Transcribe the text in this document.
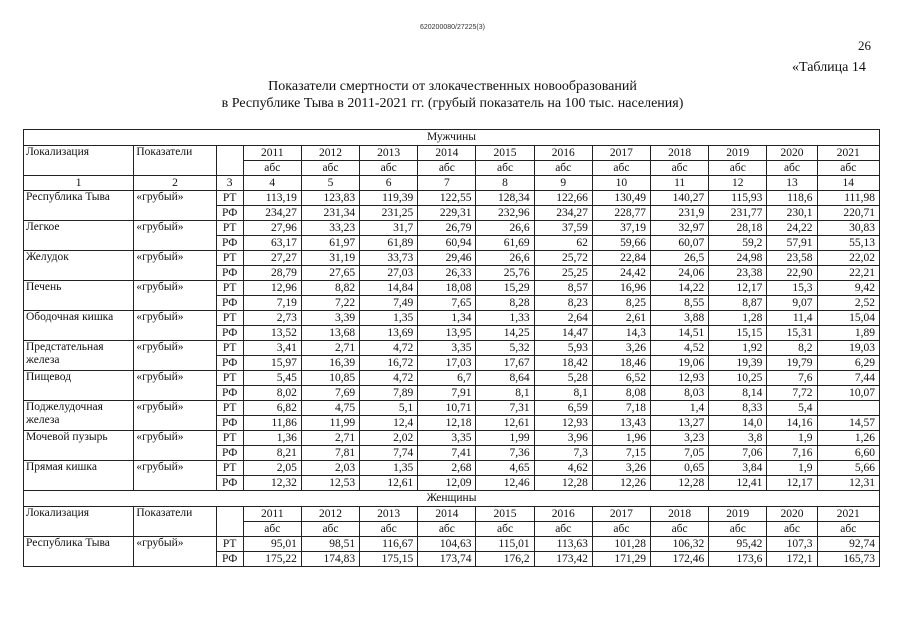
620200080/27225(3)
26
«Таблица 14
Показатели смертности от злокачественных новообразований
в Республике Тыва в 2011-2021 гг. (грубый показатель на 100 тыс. населения)
Мужчины													
Локализация	Показатели		2011	2012	2013	2014	2015	2016	2017	2018	2019	2020	2021
			абс	абс	абс	абс	абс	абс	абс	абс	абс	абс	абс
1	2	3	4	5	6	7	8	9	10	11	12	13	14
Республика Тыва	«грубый»	РТ	113,19	123,83	119,39	122,55	128,34	122,66	130,49	140,27	115,93	118,6	111,98
		РФ	234,27	231,34	231,25	229,31	232,96	234,27	228,77	231,9	231,77	230,1	220,71
Легкое	«грубый»	РТ	27,96	33,23	31,7	26,79	26,6	37,59	37,19	32,97	28,18	24,22	30,83
		РФ	63,17	61,97	61,89	60,94	61,69	62	59,66	60,07	59,2	57,91	55,13
Желудок	«грубый»	РТ	27,27	31,19	33,73	29,46	26,6	25,72	22,84	26,5	24,98	23,58	22,02
		РФ	28,79	27,65	27,03	26,33	25,76	25,25	24,42	24,06	23,38	22,90	22,21
Печень	«грубый»	РТ	12,96	8,82	14,84	18,08	15,29	8,57	16,96	14,22	12,17	15,3	9,42
		РФ	7,19	7,22	7,49	7,65	8,28	8,23	8,25	8,55	8,87	9,07	2,52
Ободочная кишка	«грубый»	РТ	2,73	3,39	1,35	1,34	1,33	2,64	2,61	3,88	1,28	11,4	15,04
		РФ	13,52	13,68	13,69	13,95	14,25	14,47	14,3	14,51	15,15	15,31	1,89
Предстательная железа	«грубый»	РТ	3,41	2,71	4,72	3,35	5,32	5,93	3,26	4,52	1,92	8,2	19,03
		РФ	15,97	16,39	16,72	17,03	17,67	18,42	18,46	19,06	19,39	19,79	6,29
Пищевод	«грубый»	РТ	5,45	10,85	4,72	6,7	8,64	5,28	6,52	12,93	10,25	7,6	7,44
		РФ	8,02	7,69	7,89	7,91	8,1	8,1	8,08	8,03	8,14	7,72	10,07
Поджелудочная железа	«грубый»	РТ	6,82	4,75	5,1	10,71	7,31	6,59	7,18	1,4	8,33	5,4	
		РФ	11,86	11,99	12,4	12,18	12,61	12,93	13,43	13,27	14,0	14,16	14,57
Мочевой пузырь	«грубый»	РТ	1,36	2,71	2,02	3,35	1,99	3,96	1,96	3,23	3,8	1,9	1,26
		РФ	8,21	7,81	7,74	7,41	7,36	7,3	7,15	7,05	7,06	7,16	6,60
Прямая кишка	«грубый»	РТ	2,05	2,03	1,35	2,68	4,65	4,62	3,26	0,65	3,84	1,9	5,66
		РФ	12,32	12,53	12,61	12,09	12,46	12,28	12,26	12,28	12,41	12,17	12,31
Женщины													
Локализация	Показатели		2011	2012	2013	2014	2015	2016	2017	2018	2019	2020	2021
			абс	абс	абс	абс	абс	абс	абс	абс	абс	абс	абс
Республика Тыва	«грубый»	РТ	95,01	98,51	116,67	104,63	115,01	113,63	101,28	106,32	95,42	107,3	92,74
		РФ	175,22	174,83	175,15	173,74	176,2	173,42	171,29	172,46	173,6	172,1	165,73
